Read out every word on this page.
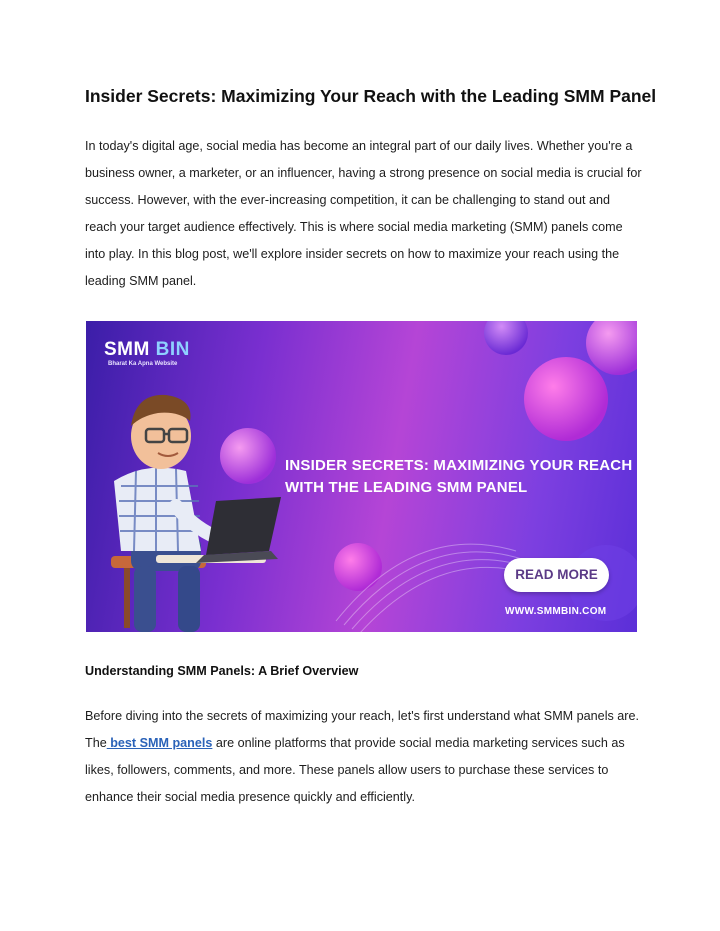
Insider Secrets: Maximizing Your Reach with the Leading SMM Panel

In today's digital age, social media has become an integral part of our daily lives. Whether you're a business owner, a marketer, or an influencer, having a strong presence on social media is crucial for success. However, with the ever-increasing competition, it can be challenging to stand out and reach your target audience effectively. This is where social media marketing (SMM) panels come into play. In this blog post, we'll explore insider secrets on how to maximize your reach using the leading SMM panel.

SMM BIN
Bharat Ka Apna Website
INSIDER SECRETS: MAXIMIZING YOUR REACH WITH THE LEADING SMM PANEL
READ MORE
WWW.SMMBIN.COM
Understanding SMM Panels: A Brief Overview

Before diving into the secrets of maximizing your reach, let's first understand what SMM panels are. The best SMM panels are online platforms that provide social media marketing services such as likes, followers, comments, and more. These panels allow users to purchase these services to enhance their social media presence quickly and efficiently.
